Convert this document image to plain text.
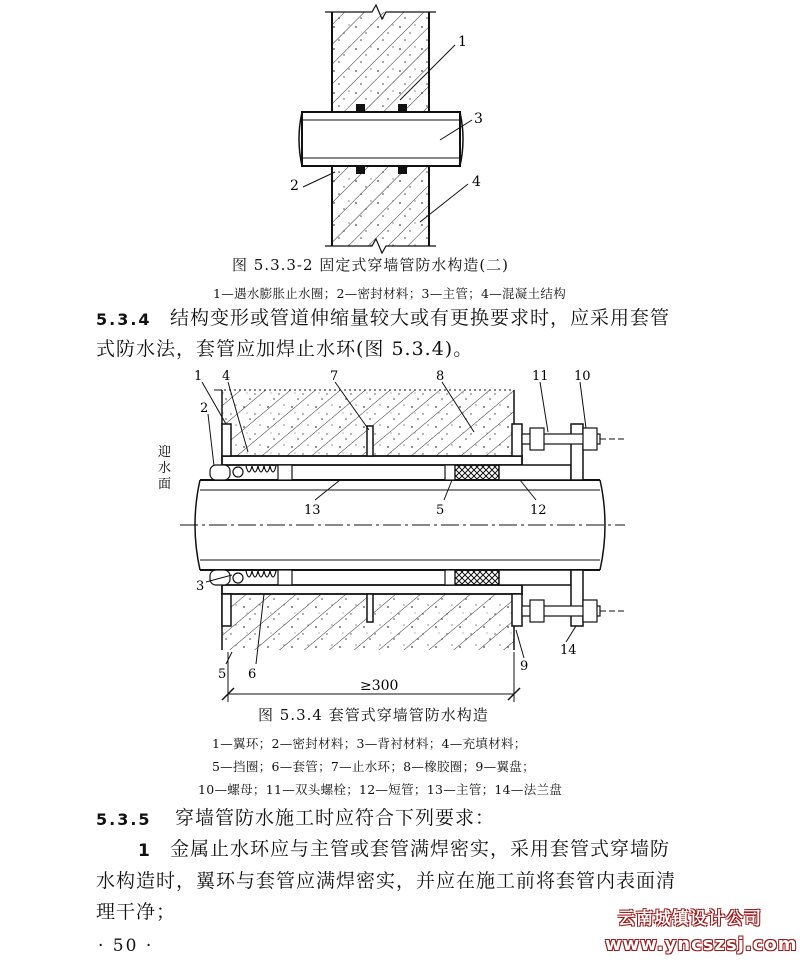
1
3
2	4
图 5.3.3-2 固定式穿墙管防水构造(二)
1—遇水膨胀止水圈；2—密封材料；3—主管；4—混凝土结构
5.3.4 结构变形或管道伸缩量较大或有更换要求时，应采用套管
式防水法，套管应加焊止水环(图 5.3.4)。
1 4	7	8	11 10
2
13	5	12
3
5 6
9
14
迎
水
面
≥300
图 5.3.4 套管式穿墙管防水构造
1—翼环；2—密封材料；3—背衬材料；4—充填材料；
5—挡圈；6—套管；7—止水环；8—橡胶圈；9—翼盘；
10—螺母；11—双头螺栓；12—短管；13—主管；14—法兰盘
5.3.5 穿墙管防水施工时应符合下列要求：
1 金属止水环应与主管或套管满焊密实，采用套管式穿墙防
水构造时，翼环与套管应满焊密实，并应在施工前将套管内表面清
理干净；
· 50 ·
云南城镇设计公司
www.yncszsj.com
